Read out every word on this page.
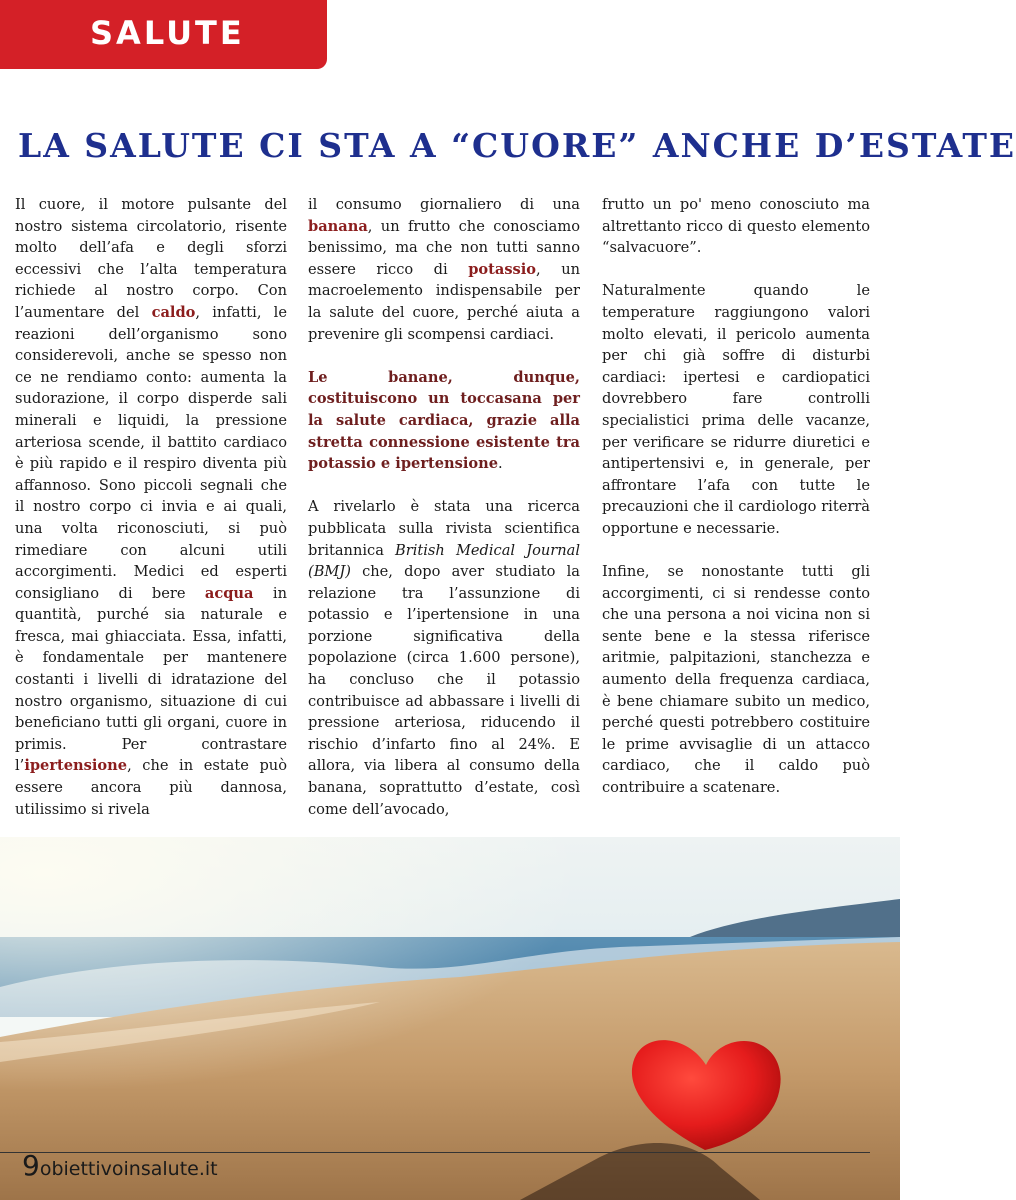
SALUTE
LA SALUTE CI STA A “CUORE” ANCHE D’ESTATE

Il cuore, il motore pulsante del nostro sistema circolatorio, risente molto dell’afa e degli sforzi eccessivi che l’alta temperatura richiede al nostro corpo. Con l’aumentare del caldo, infatti, le reazioni dell’organismo sono considerevoli, anche se spesso non ce ne rendiamo conto: aumenta la sudorazione, il corpo disperde sali minerali e liquidi, la pressione arteriosa scende, il battito cardiaco è più rapido e il respiro diventa più affannoso. Sono piccoli segnali che il nostro corpo ci invia e ai quali, una volta riconosciuti, si può rimediare con alcuni utili accorgimenti. Medici ed esperti consigliano di bere acqua in quantità, purché sia naturale e fresca, mai ghiacciata. Essa, infatti, è fondamentale per mantenere costanti i livelli di idratazione del nostro organismo, situazione di cui beneficiano tutti gli organi, cuore in primis. Per contrastare l’ipertensione, che in estate può essere ancora più dannosa, utilissimo si rivela

il consumo giornaliero di una banana, un frutto che conosciamo benissimo, ma che non tutti sanno essere ricco di potassio, un macroelemento indispensabile per la salute del cuore, perché aiuta a prevenire gli scompensi cardiaci.

Le banane, dunque, costituiscono un toccasana per la salute cardiaca, grazie alla stretta connessione esistente tra potassio e ipertensione.

A rivelarlo è stata una ricerca pubblicata sulla rivista scientifica britannica British Medical Journal (BMJ) che, dopo aver studiato la relazione tra l’assunzione di potassio e l’ipertensione in una porzione significativa della popolazione (circa 1.600 persone), ha concluso che il potassio contribuisce ad abbassare i livelli di pressione arteriosa, riducendo il rischio d’infarto fino al 24%. E allora, via libera al consumo della banana, soprattutto d’estate, così come dell’avocado,

frutto un po' meno conosciuto ma altrettanto ricco di questo elemento “salvacuore”.

Naturalmente quando le temperature raggiungono valori molto elevati, il pericolo aumenta per chi già soffre di disturbi cardiaci: ipertesi e cardiopatici dovrebbero fare controlli specialistici prima delle vacanze, per verificare se ridurre diuretici e antipertensivi e, in generale, per affrontare l’afa con tutte le precauzioni che il cardiologo riterrà opportune e necessarie.

Infine, se nonostante tutti gli accorgimenti, ci si rendesse conto che una persona a noi vicina non si sente bene e la stessa riferisce aritmie, palpitazioni, stanchezza e aumento della frequenza cardiaca, è bene chiamare subito un medico, perché questi potrebbero costituire le prime avvisaglie di un attacco cardiaco, che il caldo può contribuire a scatenare.

9obiettivoinsalute.it
